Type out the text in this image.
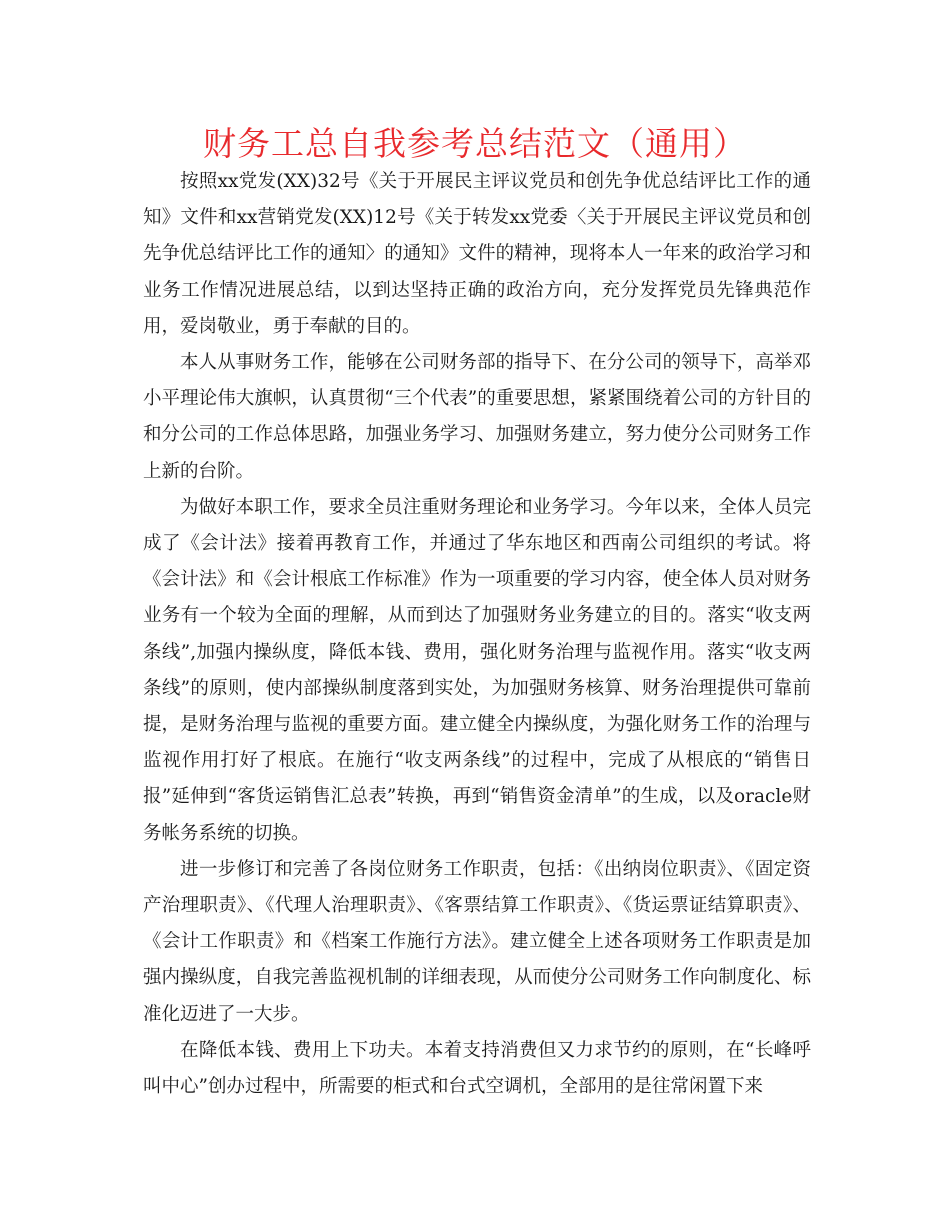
财务工总自我参考总结范文（通用）

按照xx党发(XX)32号《关于开展民主评议党员和创先争优总结评比工作的通知》文件和xx营销党发(XX)12号《关于转发xx党委〈关于开展民主评议党员和创先争优总结评比工作的通知〉的通知》文件的精神，现将本人一年来的政治学习和业务工作情况进展总结，以到达坚持正确的政治方向，充分发挥党员先锋典范作用，爱岗敬业，勇于奉献的目的。

本人从事财务工作，能够在公司财务部的指导下、在分公司的领导下，高举邓小平理论伟大旗帜，认真贯彻“三个代表”的重要思想，紧紧围绕着公司的方针目的和分公司的工作总体思路，加强业务学习、加强财务建立，努力使分公司财务工作上新的台阶。

为做好本职工作，要求全员注重财务理论和业务学习。今年以来，全体人员完成了《会计法》接着再教育工作，并通过了华东地区和西南公司组织的考试。将《会计法》和《会计根底工作标准》作为一项重要的学习内容，使全体人员对财务业务有一个较为全面的理解，从而到达了加强财务业务建立的目的。落实“收支两条线”,加强内操纵度，降低本钱、费用，强化财务治理与监视作用。落实“收支两条线”的原则，使内部操纵制度落到实处，为加强财务核算、财务治理提供可靠前提，是财务治理与监视的重要方面。建立健全内操纵度，为强化财务工作的治理与监视作用打好了根底。在施行“收支两条线”的过程中，完成了从根底的“销售日报”延伸到“客货运销售汇总表”转换，再到“销售资金清单”的生成，以及oracle财务帐务系统的切换。

进一步修订和完善了各岗位财务工作职责，包括：《出纳岗位职责》、《固定资产治理职责》、《代理人治理职责》、《客票结算工作职责》、《货运票证结算职责》、《会计工作职责》和《档案工作施行方法》。建立健全上述各项财务工作职责是加强内操纵度，自我完善监视机制的详细表现，从而使分公司财务工作向制度化、标准化迈进了一大步。

在降低本钱、费用上下功夫。本着支持消费但又力求节约的原则，在“长峰呼叫中心”创办过程中，所需要的柜式和台式空调机，全部用的是往常闲置下来
